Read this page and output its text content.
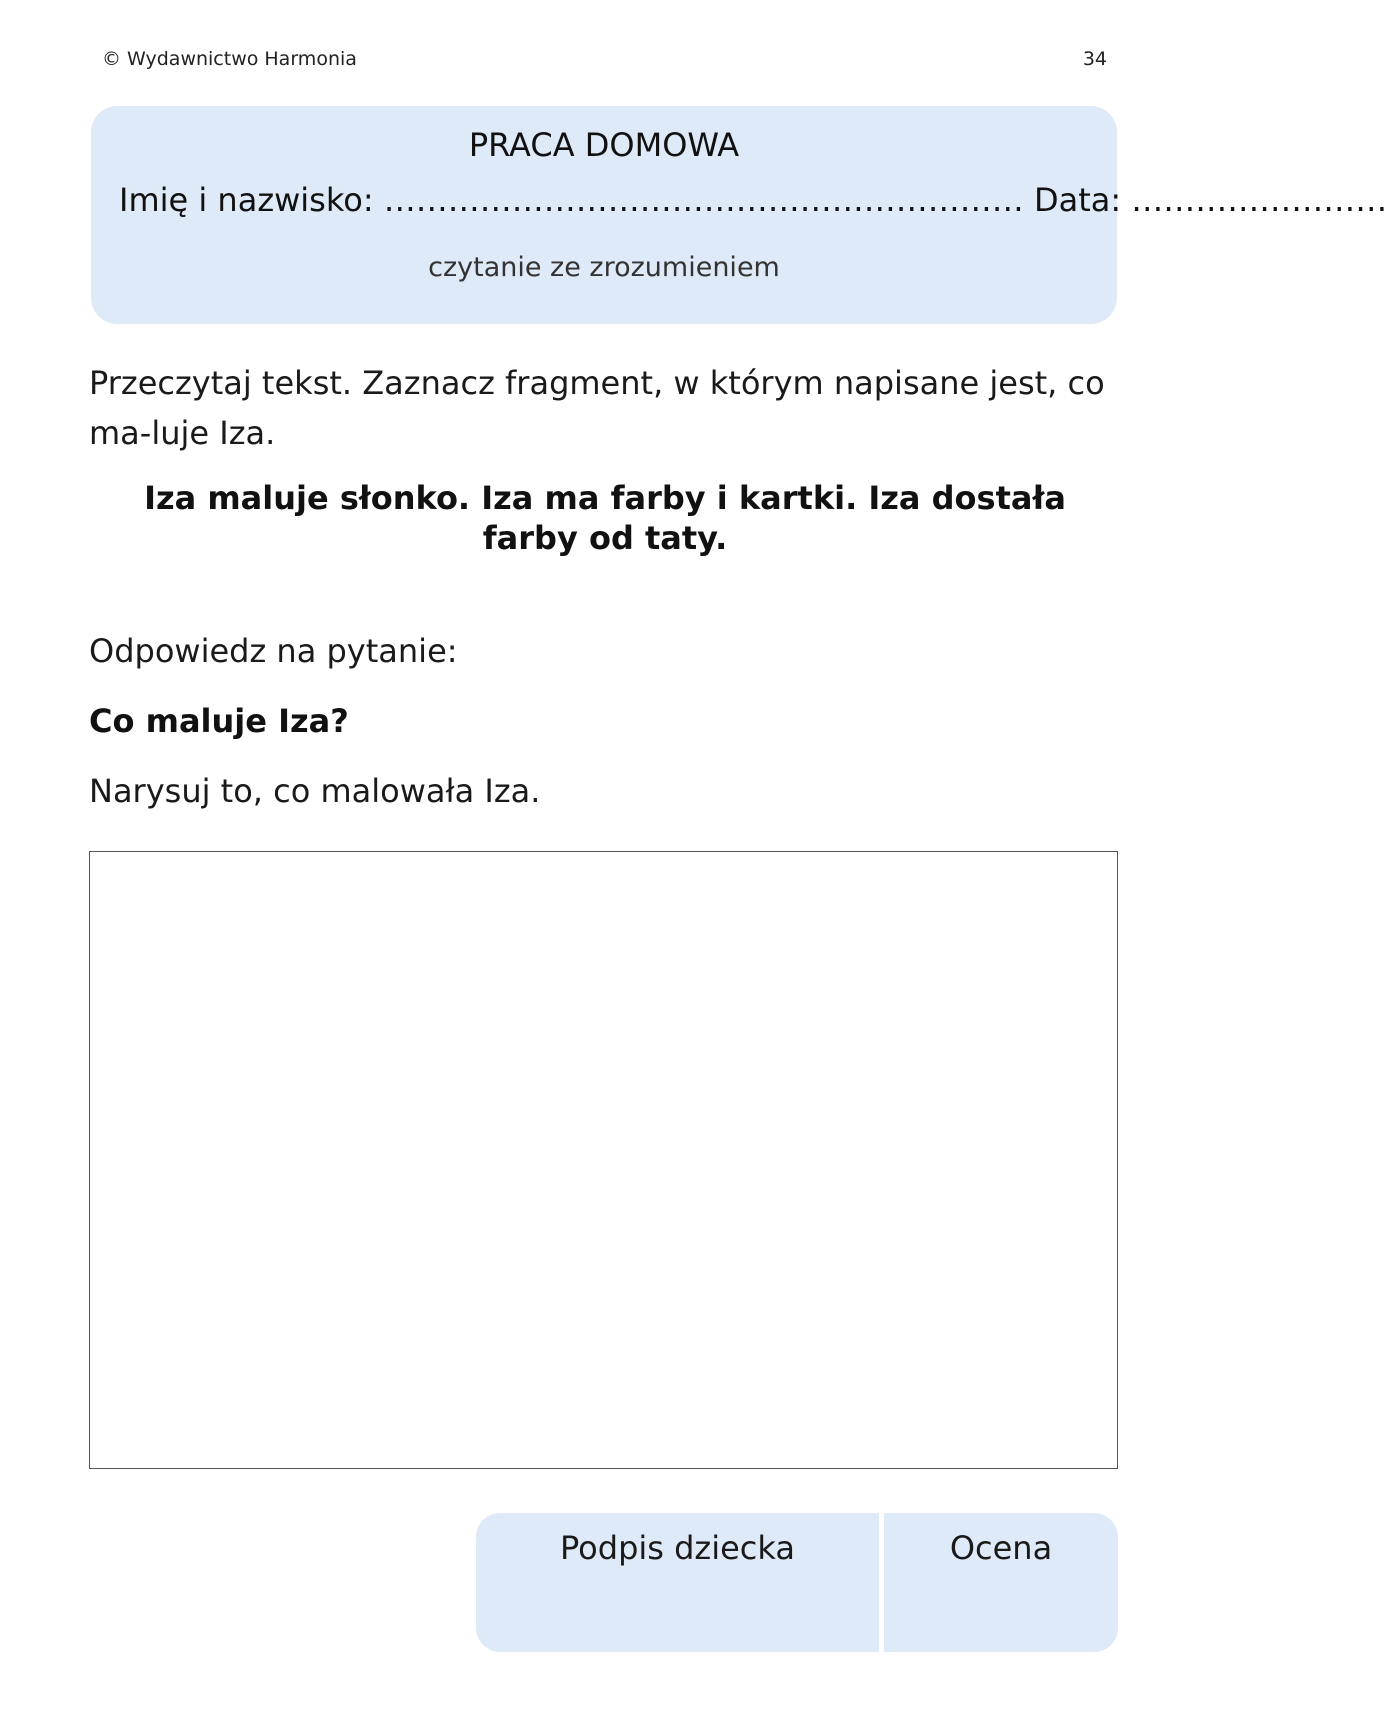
© Wydawnictwo Harmonia	34
PRACA DOMOWA
Imię i nazwisko: …………………………………………………… Data: ……………………
czytanie ze zrozumieniem
Przeczytaj tekst. Zaznacz fragment, w którym napisane jest, co ma-luje Iza.
Iza maluje słonko. Iza ma farby i kartki. Iza dostała farby od taty.
Odpowiedz na pytanie:
Co maluje Iza?
Narysuj to, co malowała Iza.
Podpis dziecka	Ocena
